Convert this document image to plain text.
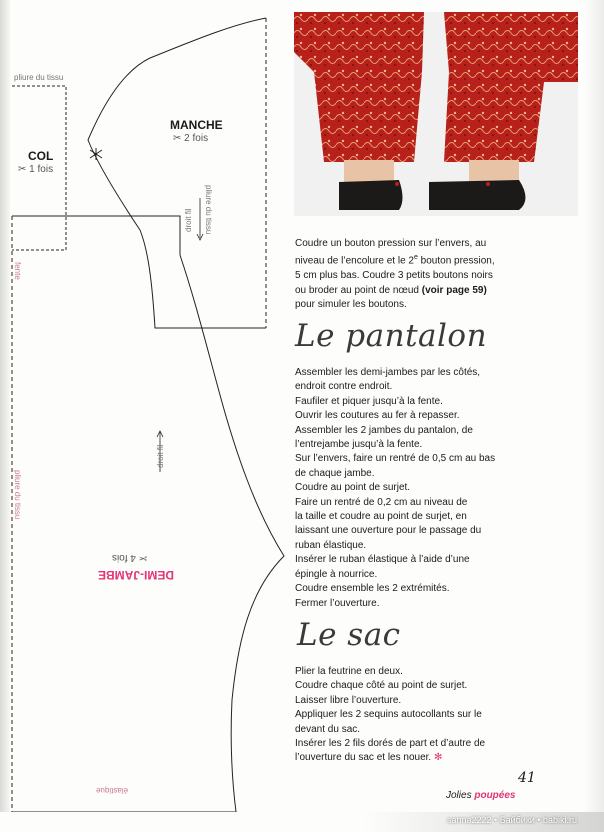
pliure du tissu
COL
✂ 1 fois
MANCHE
✂ 2 fois
pliure du tissu
droit fil
droit fil
fente
pliure du tissu
DEMI-JAMBE
✂ 4 fois
élastique
Coudre un bouton pression sur l’envers, au
niveau de l’encolure et le 2e bouton pression,
5 cm plus bas. Coudre 3 petits boutons noirs
ou broder au point de nœud (voir page 59)
pour simuler les boutons.
Le pantalon
Assembler les demi-jambes par les côtés,
endroit contre endroit.
Faufiler et piquer jusqu’à la fente.
Ouvrir les coutures au fer à repasser.
Assembler les 2 jambes du pantalon, de
l’entrejambe jusqu’à la fente.
Sur l’envers, faire un rentré de 0,5 cm au bas
de chaque jambe.
Coudre au point de surjet.
Faire un rentré de 0,2 cm au niveau de
la taille et coudre au point de surjet, en
laissant une ouverture pour le passage du
ruban élastique.
Insérer le ruban élastique à l’aide d’une
épingle à nourrice.
Coudre ensemble les 2 extrémités.
Fermer l’ouverture.
Le sac
Plier la feutrine en deux.
Coudre chaque côté au point de surjet.
Laisser libre l’ouverture.
Appliquer les 2 sequins autocollants sur le
devant du sac.
Insérer les 2 fils dorés de part et d’autre de
l’ouverture du sac et les nouer. ✻
41
Jolies poupées
sanna2222 • Байбики • babiki.ru
